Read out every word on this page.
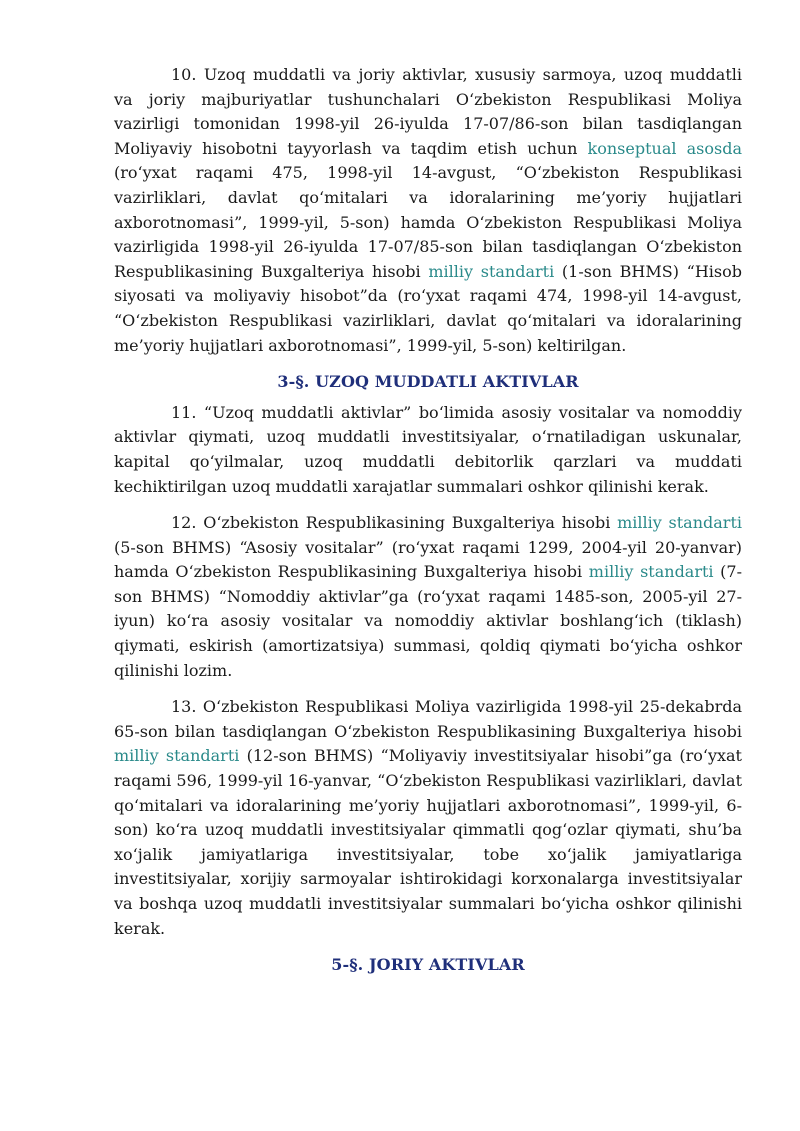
10. Uzoq muddatli va joriy aktivlar, xususiy sarmoya, uzoq muddatli va joriy majburiyatlar tushunchalari O‘zbekiston Respublikasi Moliya vazirligi tomonidan 1998-yil 26-iyulda 17-07/86-son bilan tasdiqlangan Moliyaviy hisobotni tayyorlash va taqdim etish uchun konseptual asosda (ro‘yxat raqami 475, 1998-yil 14-avgust, “O‘zbekiston Respublikasi vazirliklari, davlat qo‘mitalari va idoralarining me’yoriy hujjatlari axborotnomasi”, 1999-yil, 5-son) hamda O‘zbekiston Respublikasi Moliya vazirligida 1998-yil 26-iyulda 17-07/85-son bilan tasdiqlangan O‘zbekiston Respublikasining Buxgalteriya hisobi milliy standarti (1-son BHMS) “Hisob siyosati va moliyaviy hisobot”da (ro‘yxat raqami 474, 1998-yil 14-avgust, “O‘zbekiston Respublikasi vazirliklari, davlat qo‘mitalari va idoralarining me’yoriy hujjatlari axborotnomasi”, 1999-yil, 5-son) keltirilgan.

3-§. UZOQ MUDDATLI AKTIVLAR

11. “Uzoq muddatli aktivlar” bo‘limida asosiy vositalar va nomoddiy aktivlar qiymati, uzoq muddatli investitsiyalar, o‘rnatiladigan uskunalar, kapital qo‘yilmalar, uzoq muddatli debitorlik qarzlari va muddati kechiktirilgan uzoq muddatli xarajatlar summalari oshkor qilinishi kerak.

12. O‘zbekiston Respublikasining Buxgalteriya hisobi milliy standarti (5-son BHMS) “Asosiy vositalar” (ro‘yxat raqami 1299, 2004-yil 20-yanvar) hamda O‘zbekiston Respublikasining Buxgalteriya hisobi milliy standarti (7-son BHMS) “Nomoddiy aktivlar”ga (ro‘yxat raqami 1485-son, 2005-yil 27-iyun) ko‘ra asosiy vositalar va nomoddiy aktivlar boshlang‘ich (tiklash) qiymati, eskirish (amortizatsiya) summasi, qoldiq qiymati bo‘yicha oshkor qilinishi lozim.

13. O‘zbekiston Respublikasi Moliya vazirligida 1998-yil 25-dekabrda 65-son bilan tasdiqlangan O‘zbekiston Respublikasining Buxgalteriya hisobi milliy standarti (12-son BHMS) “Moliyaviy investitsiyalar hisobi”ga (ro‘yxat raqami 596, 1999-yil 16-yanvar, “O‘zbekiston Respublikasi vazirliklari, davlat qo‘mitalari va idoralarining me’yoriy hujjatlari axborotnomasi”, 1999-yil, 6-son) ko‘ra uzoq muddatli investitsiyalar qimmatli qog‘ozlar qiymati, shu’ba xo‘jalik jamiyatlariga investitsiyalar, tobe xo‘jalik jamiyatlariga investitsiyalar, xorijiy sarmoyalar ishtirokidagi korxonalarga investitsiyalar va boshqa uzoq muddatli investitsiyalar summalari bo‘yicha oshkor qilinishi kerak.

5-§. JORIY AKTIVLAR
